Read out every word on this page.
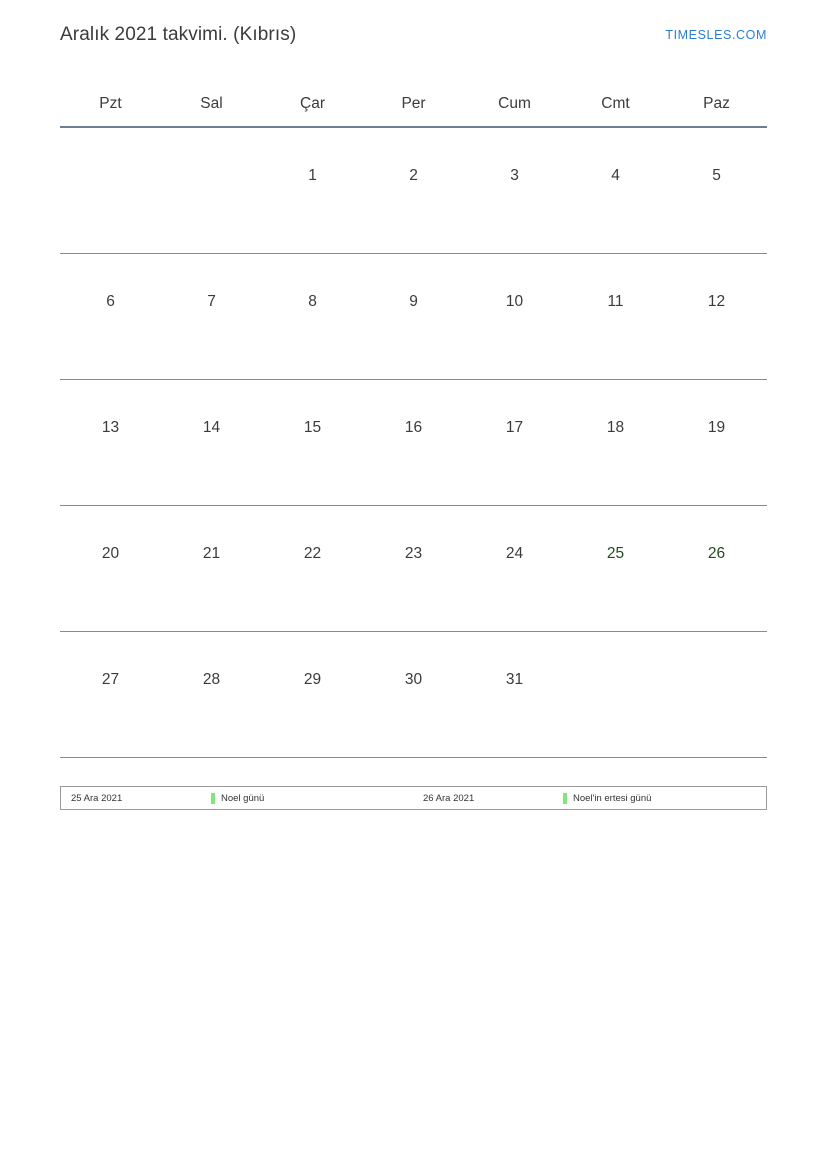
Aralık 2021 takvimi. (Kıbrıs)	TIMESLES.COM
Pzt	Sal	Çar	Per	Cum	Cmt	Paz

		1	2	3	4	5

6	7	8	9	10	11	12

13	14	15	16	17	18	19

20	21	22	23	24	25	26

27	28	29	30	31		

25 Ara 2021	Noel günü	26 Ara 2021	Noel'in ertesi günü
